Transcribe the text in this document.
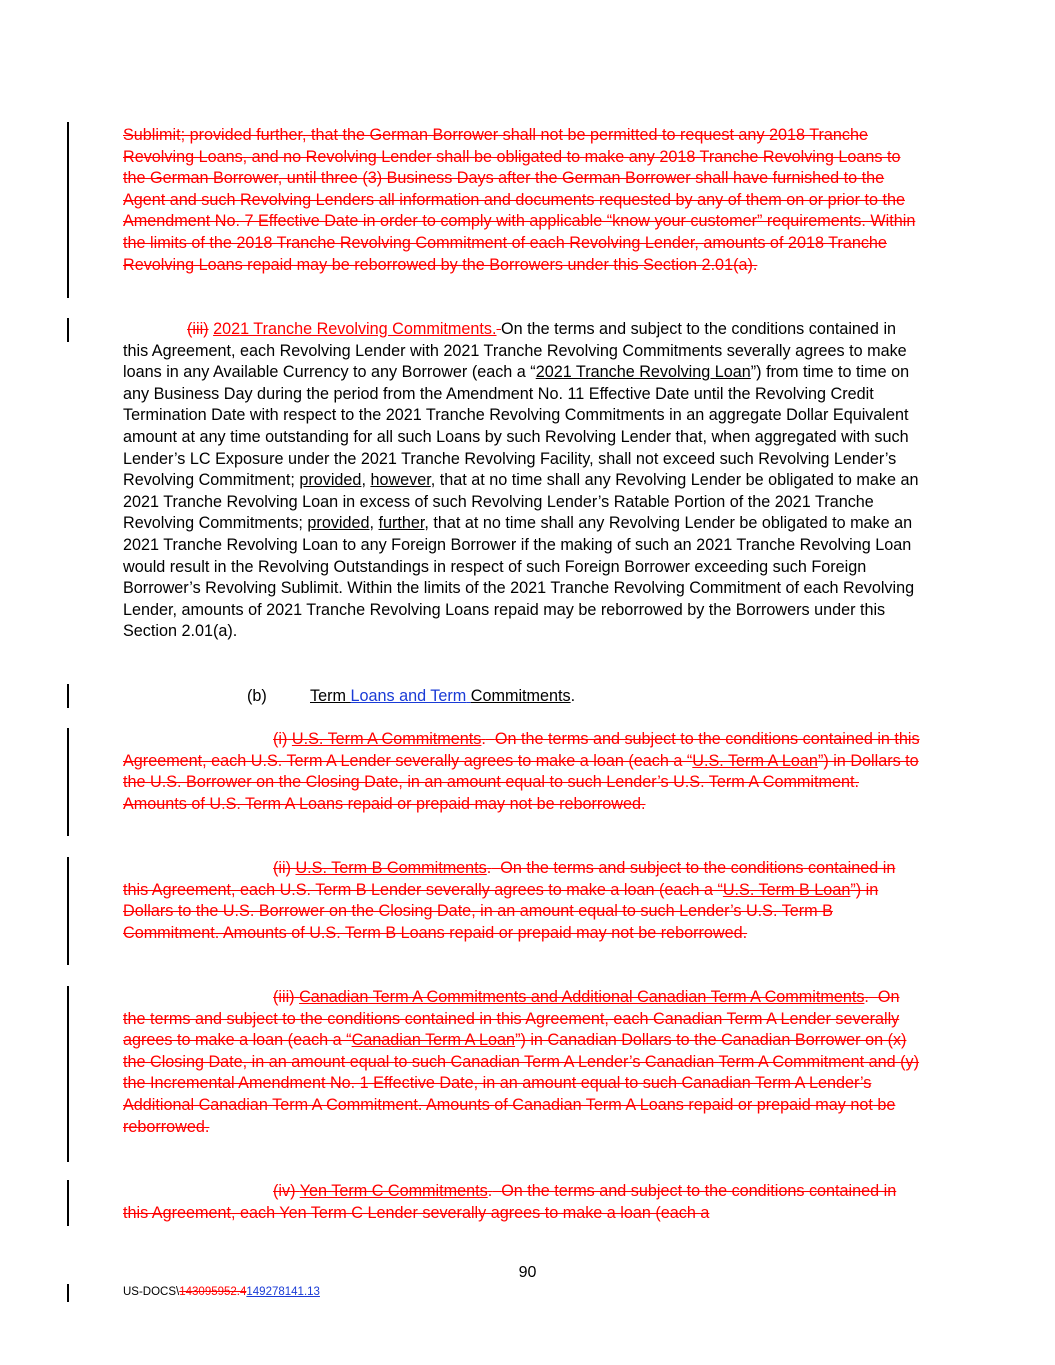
Sublimit; provided further, that the German Borrower shall not be permitted to request any 2018 Tranche Revolving Loans, and no Revolving Lender shall be obligated to make any 2018 Tranche Revolving Loans to the German Borrower, until three (3) Business Days after the German Borrower shall have furnished to the Agent and such Revolving Lenders all information and documents requested by any of them on or prior to the Amendment No. 7 Effective Date in order to comply with applicable “know your customer” requirements. Within the limits of the 2018 Tranche Revolving Commitment of each Revolving Lender, amounts of 2018 Tranche Revolving Loans repaid may be reborrowed by the Borrowers under this Section 2.01(a).
(iii) 2021 Tranche Revolving Commitments. On the terms and subject to the conditions contained in this Agreement, each Revolving Lender with 2021 Tranche Revolving Commitments severally agrees to make loans in any Available Currency to any Borrower (each a “2021 Tranche Revolving Loan”) from time to time on any Business Day during the period from the Amendment No. 11 Effective Date until the Revolving Credit Termination Date with respect to the 2021 Tranche Revolving Commitments in an aggregate Dollar Equivalent amount at any time outstanding for all such Loans by such Revolving Lender that, when aggregated with such Lender’s LC Exposure under the 2021 Tranche Revolving Facility, shall not exceed such Revolving Lender’s Revolving Commitment; provided, however, that at no time shall any Revolving Lender be obligated to make an 2021 Tranche Revolving Loan in excess of such Revolving Lender’s Ratable Portion of the 2021 Tranche Revolving Commitments; provided, further, that at no time shall any Revolving Lender be obligated to make an 2021 Tranche Revolving Loan to any Foreign Borrower if the making of such an 2021 Tranche Revolving Loan would result in the Revolving Outstandings in respect of such Foreign Borrower exceeding such Foreign Borrower’s Revolving Sublimit. Within the limits of the 2021 Tranche Revolving Commitment of each Revolving Lender, amounts of 2021 Tranche Revolving Loans repaid may be reborrowed by the Borrowers under this Section 2.01(a).
(b)	Term Loans and Term Commitments.
(i) U.S. Term A Commitments. On the terms and subject to the conditions contained in this Agreement, each U.S. Term A Lender severally agrees to make a loan (each a “U.S. Term A Loan”) in Dollars to the U.S. Borrower on the Closing Date, in an amount equal to such Lender’s U.S. Term A Commitment. Amounts of U.S. Term A Loans repaid or prepaid may not be reborrowed.
(ii) U.S. Term B Commitments. On the terms and subject to the conditions contained in this Agreement, each U.S. Term B Lender severally agrees to make a loan (each a “U.S. Term B Loan”) in Dollars to the U.S. Borrower on the Closing Date, in an amount equal to such Lender’s U.S. Term B Commitment. Amounts of U.S. Term B Loans repaid or prepaid may not be reborrowed.
(iii) Canadian Term A Commitments and Additional Canadian Term A Commitments. On the terms and subject to the conditions contained in this Agreement, each Canadian Term A Lender severally agrees to make a loan (each a “Canadian Term A Loan”) in Canadian Dollars to the Canadian Borrower on (x) the Closing Date, in an amount equal to such Canadian Term A Lender’s Canadian Term A Commitment and (y) the Incremental Amendment No. 1 Effective Date, in an amount equal to such Canadian Term A Lender’s Additional Canadian Term A Commitment. Amounts of Canadian Term A Loans repaid or prepaid may not be reborrowed.
(iv) Yen Term C Commitments. On the terms and subject to the conditions contained in this Agreement, each Yen Term C Lender severally agrees to make a loan (each a
90
US-DOCS\143095952.4149278141.13
